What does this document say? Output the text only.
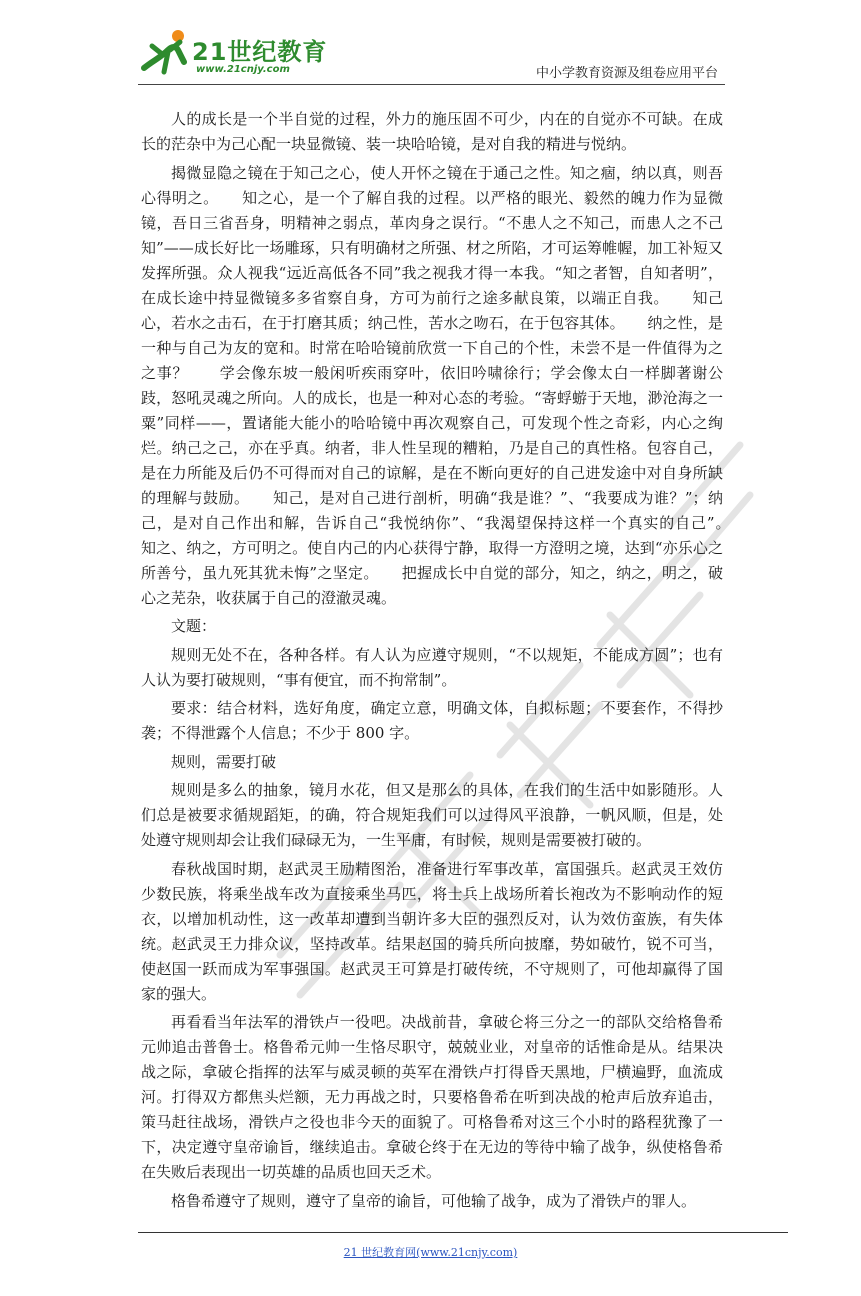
21世纪教育
www.21cnjy.com	中小学教育资源及组卷应用平台

人的成长是一个半自觉的过程，外力的施压固不可少，内在的自觉亦不可缺。在成长的茫杂中为己心配一块显微镜、装一块哈哈镜，是对自我的精进与悦纳。

揭微显隐之镜在于知己之心，使人开怀之镜在于通己之性。知之痼，纳以真，则吾心得明之。　　知之心，是一个了解自我的过程。以严格的眼光、毅然的魄力作为显微镜，吾日三省吾身，明精神之弱点，革肉身之误行。“不患人之不知己，而患人之不己知”——成长好比一场雕琢，只有明确材之所强、材之所陷，才可运筹帷幄，加工补短又发挥所强。众人视我“远近高低各不同”我之视我才得一本我。“知之者智，自知者明”，在成长途中持显微镜多多省察自身，方可为前行之途多献良策，以端正自我。　　知己心，若水之击石，在于打磨其质；纳己性，苦水之吻石，在于包容其体。　　纳之性，是一种与自己为友的宽和。时常在哈哈镜前欣赏一下自己的个性，未尝不是一件值得为之之事？　　学会像东坡一般闲听疾雨穿叶，依旧吟啸徐行；学会像太白一样脚著谢公跂，怒吼灵魂之所向。人的成长，也是一种对心态的考验。“寄蜉蝣于天地，渺沧海之一粟”同样——，置诸能大能小的哈哈镜中再次观察自己，可发现个性之奇彩，内心之绚烂。纳己之己，亦在乎真。纳者，非人性呈现的糟粕，乃是自己的真性格。包容自己，是在力所能及后仍不可得而对自己的谅解，是在不断向更好的自己进发途中对自身所缺的理解与鼓励。　　知己，是对自己进行剖析，明确“我是谁？”、“我要成为谁？”；纳己，是对自己作出和解，告诉自己“我悦纳你”、“我渴望保持这样一个真实的自己”。　　知之、纳之，方可明之。使自内己的内心获得宁静，取得一方澄明之境，达到“亦乐心之所善兮，虽九死其犹未悔”之坚定。　　把握成长中自觉的部分，知之，纳之，明之，破心之芜杂，收获属于自己的澄澈灵魂。

文题：

规则无处不在，各种各样。有人认为应遵守规则，“不以规矩，不能成方圆”；也有人认为要打破规则，“事有便宜，而不拘常制”。

要求：结合材料，选好角度，确定立意，明确文体，自拟标题；不要套作，不得抄袭；不得泄露个人信息；不少于 800 字。

规则，需要打破

规则是多么的抽象，镜月水花，但又是那么的具体，在我们的生活中如影随形。人们总是被要求循规蹈矩，的确，符合规矩我们可以过得风平浪静，一帆风顺，但是，处处遵守规则却会让我们碌碌无为，一生平庸，有时候，规则是需要被打破的。

春秋战国时期，赵武灵王励精图治，准备进行军事改革，富国强兵。赵武灵王效仿少数民族，将乘坐战车改为直接乘坐马匹，将士兵上战场所着长袍改为不影响动作的短衣，以增加机动性，这一改革却遭到当朝许多大臣的强烈反对，认为效仿蛮族，有失体统。赵武灵王力排众议，坚持改革。结果赵国的骑兵所向披靡，势如破竹，锐不可当，使赵国一跃而成为军事强国。赵武灵王可算是打破传统，不守规则了，可他却赢得了国家的强大。

再看看当年法军的滑铁卢一役吧。决战前昔，拿破仑将三分之一的部队交给格鲁希元帅追击普鲁士。格鲁希元帅一生恪尽职守，兢兢业业，对皇帝的话惟命是从。结果决战之际，拿破仑指挥的法军与威灵顿的英军在滑铁卢打得昏天黑地，尸横遍野，血流成河。打得双方都焦头烂额，无力再战之时，只要格鲁希在听到决战的枪声后放弃追击，策马赶往战场，滑铁卢之役也非今天的面貌了。可格鲁希对这三个小时的路程犹豫了一下，决定遵守皇帝谕旨，继续追击。拿破仑终于在无边的等待中输了战争，纵使格鲁希在失败后表现出一切英雄的品质也回天乏术。

格鲁希遵守了规则，遵守了皇帝的谕旨，可他输了战争，成为了滑铁卢的罪人。

21 世纪教育网(www.21cnjy.com)
